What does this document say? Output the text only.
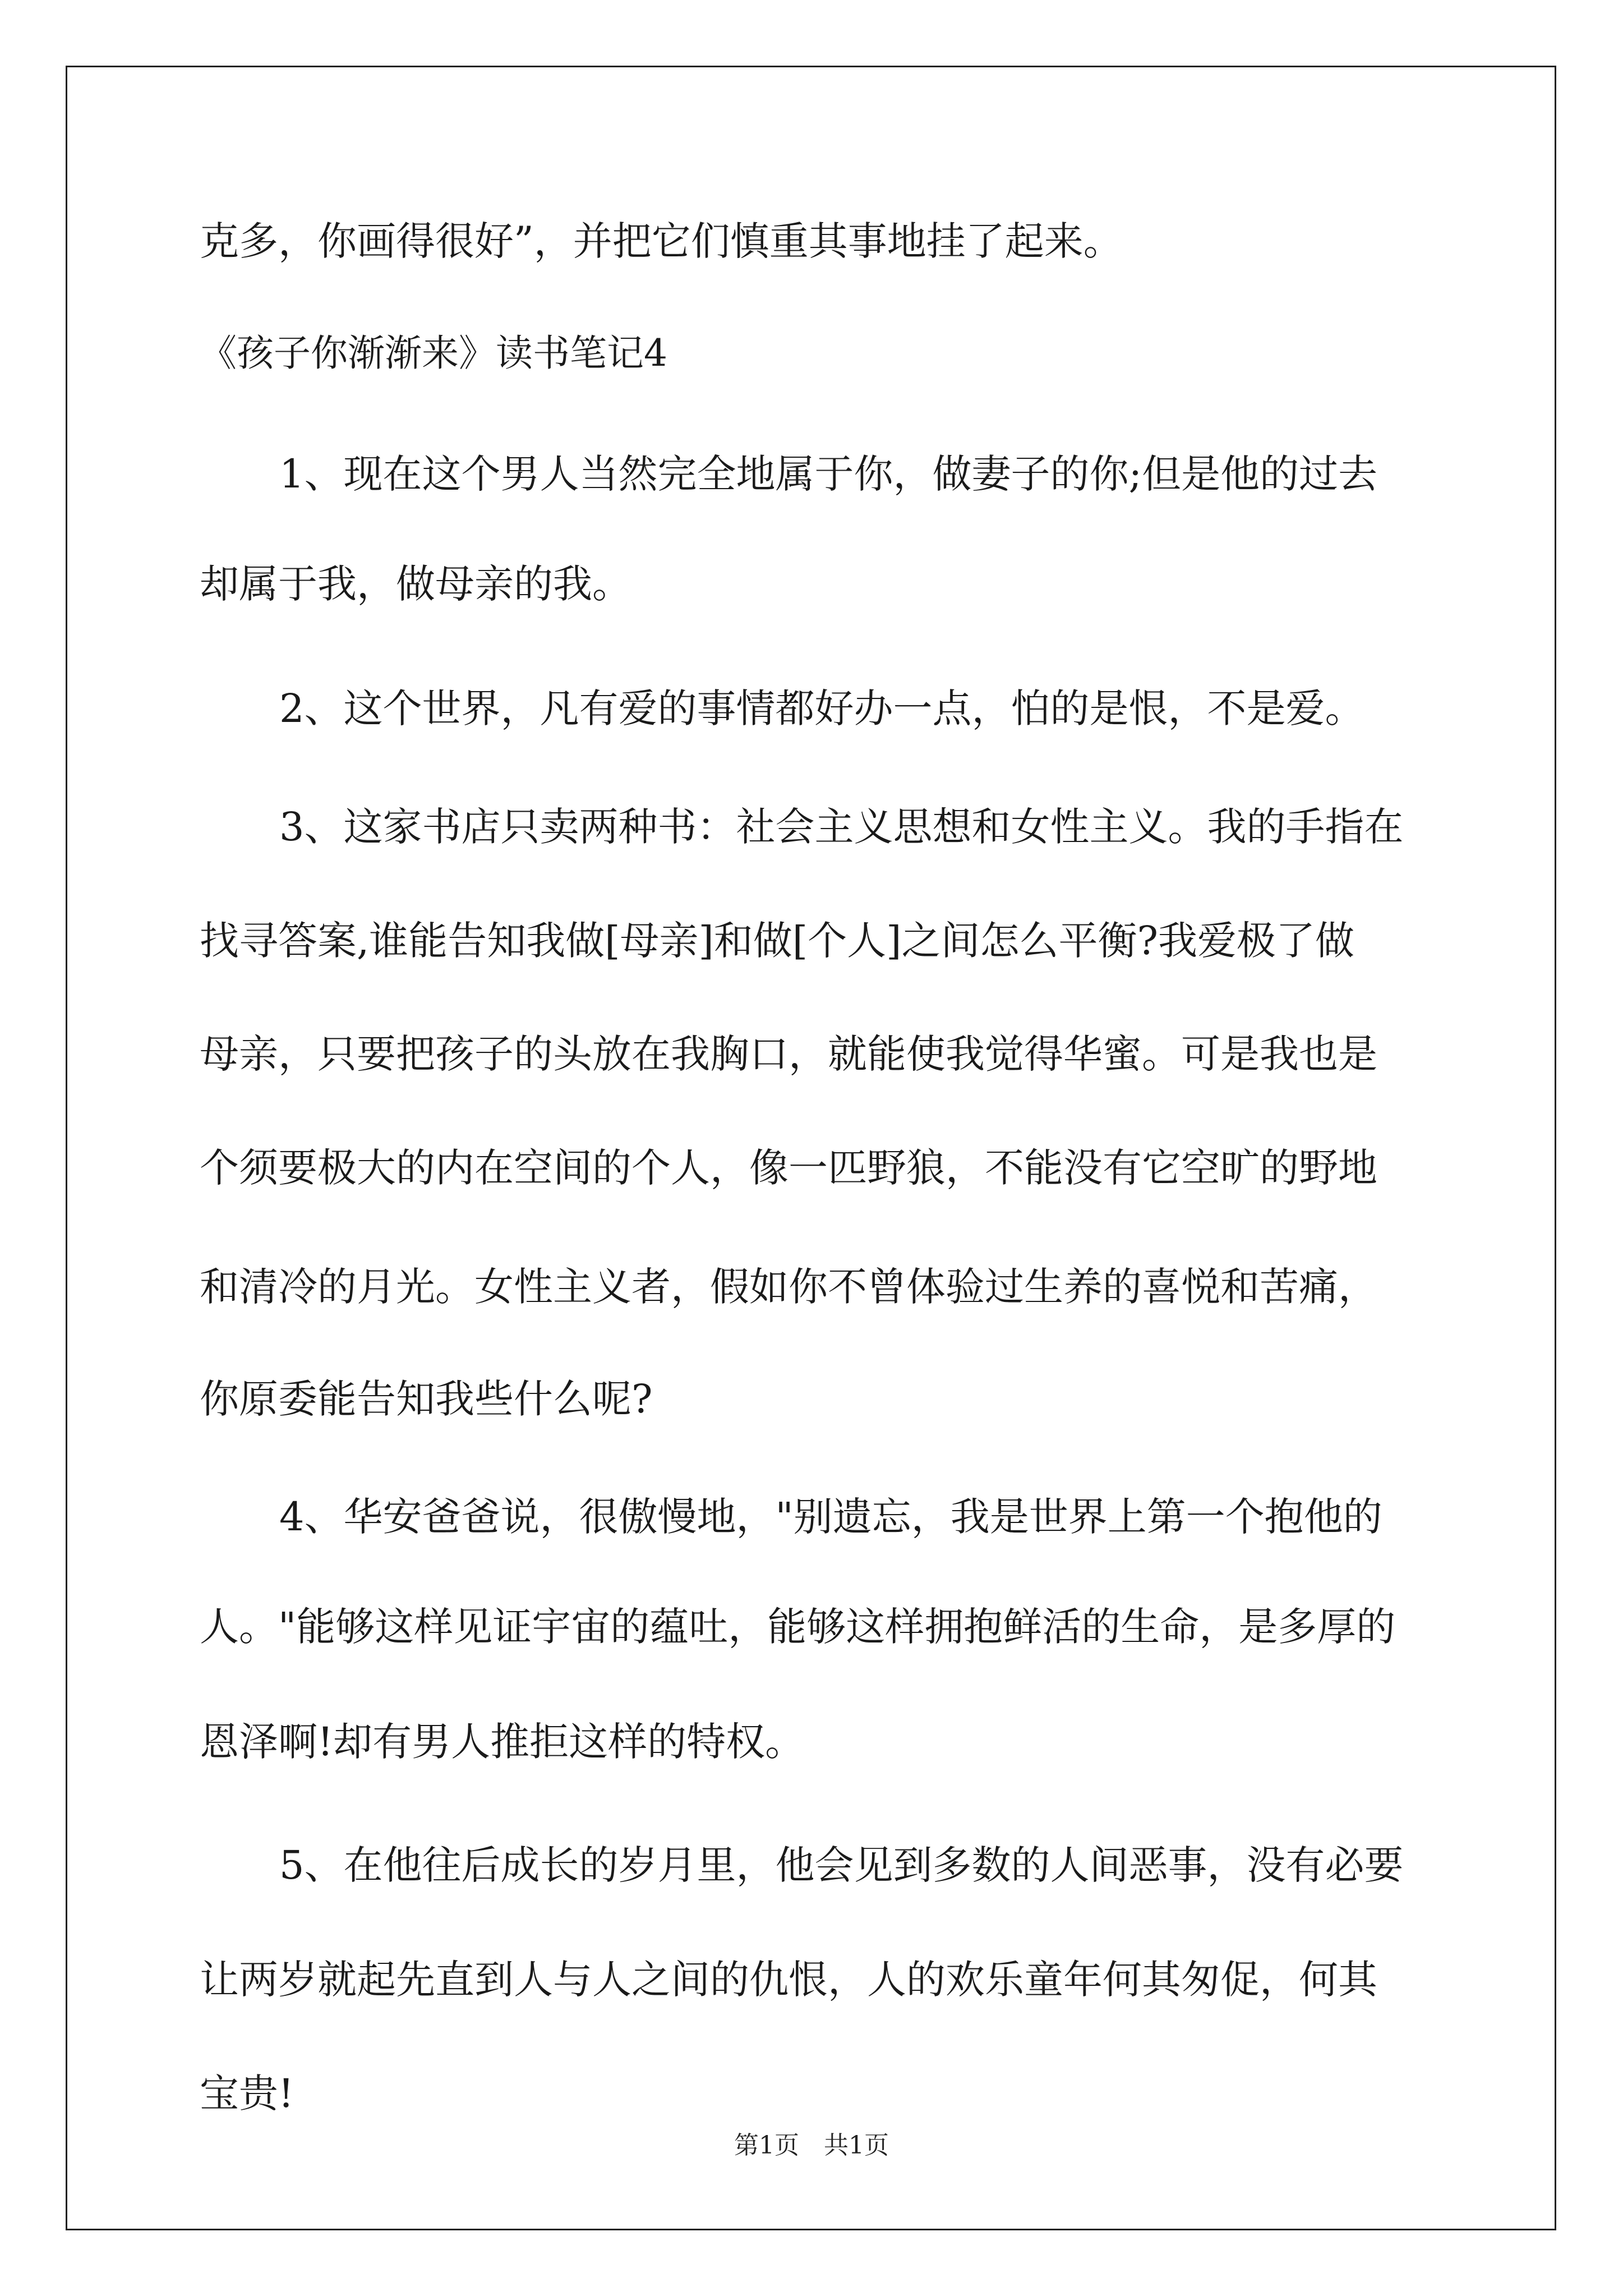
克多，你画得很好”，并把它们慎重其事地挂了起来。
《孩子你渐渐来》读书笔记4
1、现在这个男人当然完全地属于你，做妻子的你;但是他的过去
却属于我，做母亲的我。
2、这个世界，凡有爱的事情都好办一点，怕的是恨，不是爱。
3、这家书店只卖两种书：社会主义思想和女性主义。我的手指在
找寻答案,谁能告知我做[母亲]和做[个人]之间怎么平衡?我爱极了做
母亲，只要把孩子的头放在我胸口，就能使我觉得华蜜。可是我也是
个须要极大的内在空间的个人，像一匹野狼，不能没有它空旷的野地
和清冷的月光。女性主义者，假如你不曾体验过生养的喜悦和苦痛，
你原委能告知我些什么呢?
4、华安爸爸说，很傲慢地，"别遗忘，我是世界上第一个抱他的
人。"能够这样见证宇宙的蕴吐，能够这样拥抱鲜活的生命，是多厚的
恩泽啊!却有男人推拒这样的特权。
5、在他往后成长的岁月里，他会见到多数的人间恶事，没有必要
让两岁就起先直到人与人之间的仇恨，人的欢乐童年何其匆促，何其
宝贵!
第1页　共1页
